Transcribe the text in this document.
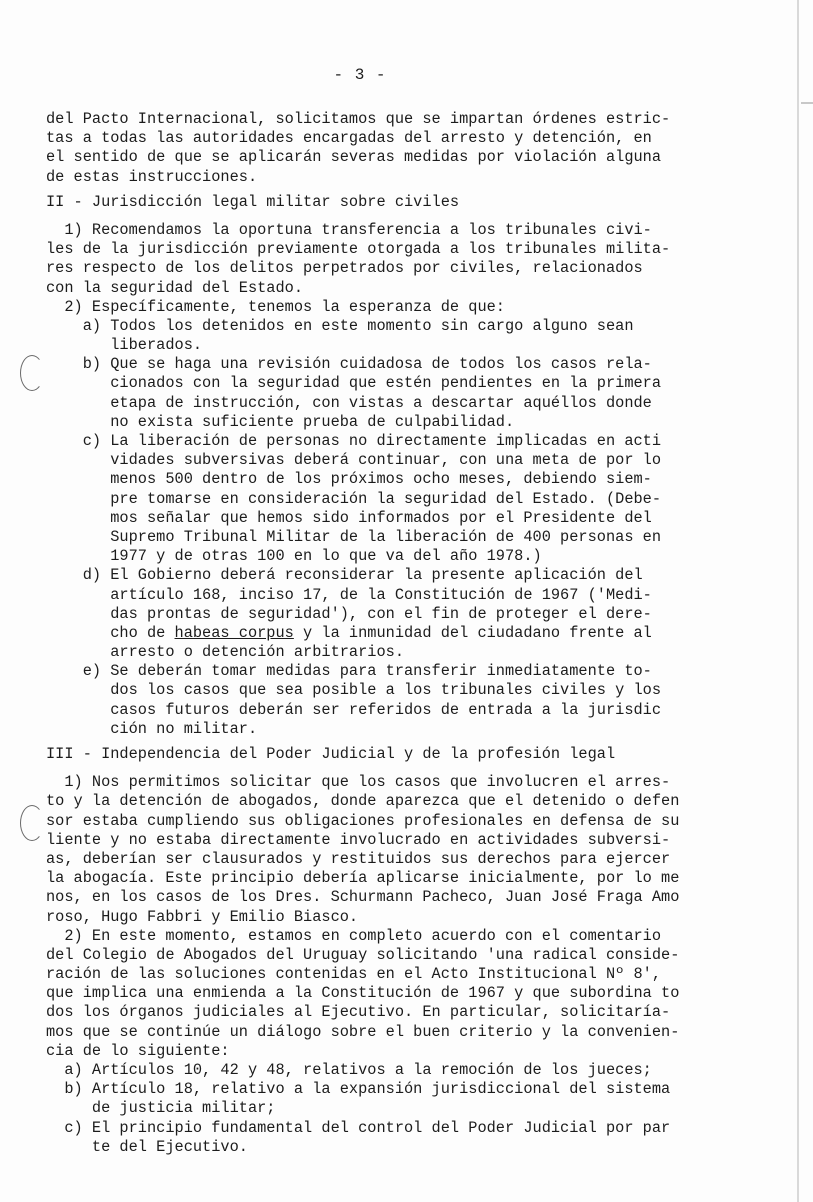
- 3 -
del Pacto Internacional, solicitamos que se impartan órdenes estric-
tas a todas las autoridades encargadas del arresto y detención, en
el sentido de que se aplicarán severas medidas por violación alguna
de estas instrucciones.
II - Jurisdicción legal militar sobre civiles
1) Recomendamos la oportuna transferencia a los tribunales civi-
les de la jurisdicción previamente otorgada a los tribunales milita-
res respecto de los delitos perpetrados por civiles, relacionados
con la seguridad del Estado.
2) Específicamente, tenemos la esperanza de que:
a) Todos los detenidos en este momento sin cargo alguno sean
liberados.
b) Que se haga una revisión cuidadosa de todos los casos rela-
cionados con la seguridad que estén pendientes en la primera
etapa de instrucción, con vistas a descartar aquéllos donde
no exista suficiente prueba de culpabilidad.
c) La liberación de personas no directamente implicadas en acti
vidades subversivas deberá continuar, con una meta de por lo
menos 500 dentro de los próximos ocho meses, debiendo siem-
pre tomarse en consideración la seguridad del Estado. (Debe-
mos señalar que hemos sido informados por el Presidente del
Supremo Tribunal Militar de la liberación de 400 personas en
1977 y de otras 100 en lo que va del año 1978.)
d) El Gobierno deberá reconsiderar la presente aplicación del
artículo 168, inciso 17, de la Constitución de 1967 ('Medi-
das prontas de seguridad'), con el fin de proteger el dere-
cho de habeas corpus y la inmunidad del ciudadano frente al
arresto o detención arbitrarios.
e) Se deberán tomar medidas para transferir inmediatamente to-
dos los casos que sea posible a los tribunales civiles y los
casos futuros deberán ser referidos de entrada a la jurisdic
ción no militar.
III - Independencia del Poder Judicial y de la profesión legal
1) Nos permitimos solicitar que los casos que involucren el arres-
to y la detención de abogados, donde aparezca que el detenido o defen
sor estaba cumpliendo sus obligaciones profesionales en defensa de su
liente y no estaba directamente involucrado en actividades subversi-
as, deberían ser clausurados y restituidos sus derechos para ejercer
la abogacía. Este principio debería aplicarse inicialmente, por lo me
nos, en los casos de los Dres. Schurmann Pacheco, Juan José Fraga Amo
roso, Hugo Fabbri y Emilio Biasco.
2) En este momento, estamos en completo acuerdo con el comentario
del Colegio de Abogados del Uruguay solicitando 'una radical conside-
ración de las soluciones contenidas en el Acto Institucional Nº 8',
que implica una enmienda a la Constitución de 1967 y que subordina to
dos los órganos judiciales al Ejecutivo. En particular, solicitaría-
mos que se continúe un diálogo sobre el buen criterio y la convenien-
cia de lo siguiente:
a) Artículos 10, 42 y 48, relativos a la remoción de los jueces;
b) Artículo 18, relativo a la expansión jurisdiccional del sistema
de justicia militar;
c) El principio fundamental del control del Poder Judicial por par
te del Ejecutivo.
